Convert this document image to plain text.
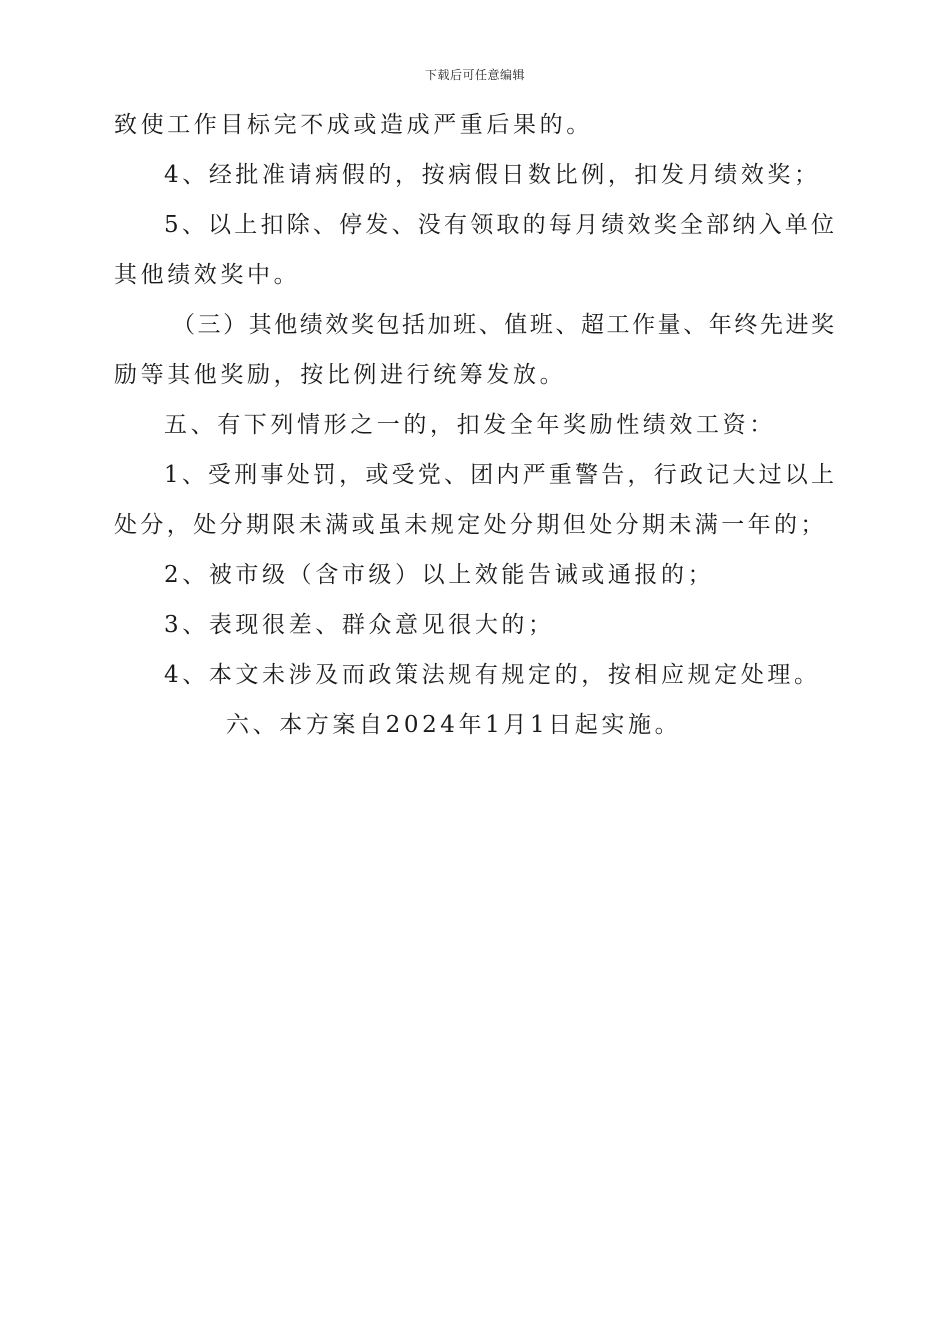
下载后可任意编辑
致使工作目标完不成或造成严重后果的。
4、经批准请病假的，按病假日数比例，扣发月绩效奖；
5、以上扣除、停发、没有领取的每月绩效奖全部纳入单位
其他绩效奖中。
（三）其他绩效奖包括加班、值班、超工作量、年终先进奖
励等其他奖励，按比例进行统筹发放。
五、有下列情形之一的，扣发全年奖励性绩效工资：
1、受刑事处罚，或受党、团内严重警告，行政记大过以上
处分，处分期限未满或虽未规定处分期但处分期未满一年的；
2、被市级（含市级）以上效能告诫或通报的；
3、表现很差、群众意见很大的；
4、本文未涉及而政策法规有规定的，按相应规定处理。
六、本方案自2024年1月1日起实施。
